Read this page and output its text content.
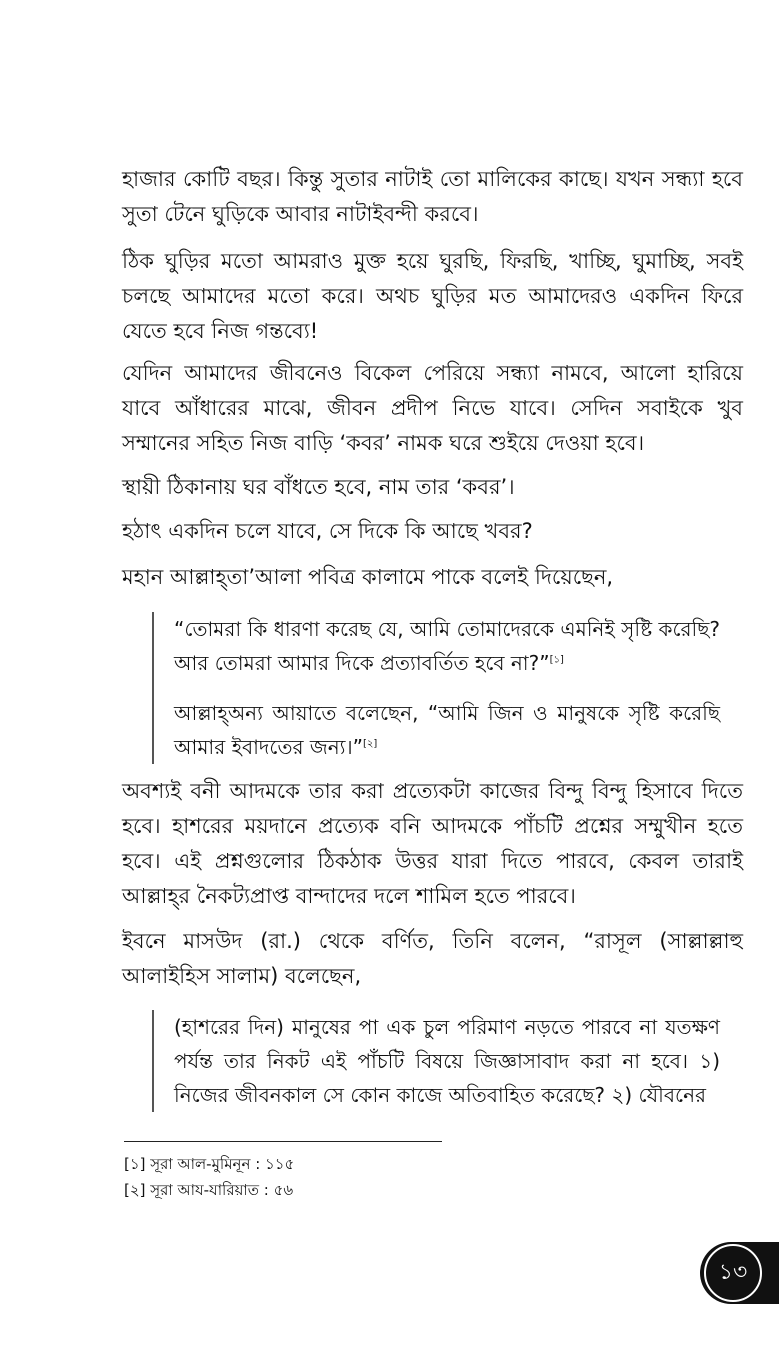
হাজার কোটি বছর। কিন্তু সুতার নাটাই তো মালিকের কাছে। যখন সন্ধ্যা হবে সুতা টেনে ঘুড়িকে আবার নাটাইবন্দী করবে।

ঠিক ঘুড়ির মতো আমরাও মুক্ত হয়ে ঘুরছি, ফিরছি, খাচ্ছি, ঘুমাচ্ছি, সবই চলছে আমাদের মতো করে। অথচ ঘুড়ির মত আমাদেরও একদিন ফিরে যেতে হবে নিজ গন্তব্যে!

যেদিন আমাদের জীবনেও বিকেল পেরিয়ে সন্ধ্যা নামবে, আলো হারিয়ে যাবে আঁধারের মাঝে, জীবন প্রদীপ নিভে যাবে। সেদিন সবাইকে খুব সম্মানের সহিত নিজ বাড়ি ‘কবর’ নামক ঘরে শুইয়ে দেওয়া হবে।

স্থায়ী ঠিকানায় ঘর বাঁধতে হবে, নাম তার ‘কবর’।

হঠাৎ একদিন চলে যাবে, সে দিকে কি আছে খবর?

মহান আল্লাহ্‌তা’আলা পবিত্র কালামে পাকে বলেই দিয়েছেন,

“তোমরা কি ধারণা করেছ যে, আমি তোমাদেরকে এমনিই সৃষ্টি করেছি? আর তোমরা আমার দিকে প্রত্যাবর্তিত হবে না?”[১]

আল্লাহ্‌অন্য আয়াতে বলেছেন, “আমি জিন ও মানুষকে সৃষ্টি করেছি আমার ইবাদতের জন্য।”[২]

অবশ্যই বনী আদমকে তার করা প্রত্যেকটা কাজের বিন্দু বিন্দু হিসাবে দিতে হবে। হাশরের ময়দানে প্রত্যেক বনি আদমকে পাঁচটি প্রশ্নের সম্মুখীন হতে হবে। এই প্রশ্নগুলোর ঠিকঠাক উত্তর যারা দিতে পারবে, কেবল তারাই আল্লাহ্‌র নৈকট্যপ্রাপ্ত বান্দাদের দলে শামিল হতে পারবে।

ইবনে মাসউদ (রা.) থেকে বর্ণিত, তিনি বলেন, “রাসূল (সাল্লাল্লাহু আলাইহিস সালাম) বলেছেন,

(হাশরের দিন) মানুষের পা এক চুল পরিমাণ নড়তে পারবে না যতক্ষণ পর্যন্ত তার নিকট এই পাঁচটি বিষয়ে জিজ্ঞাসাবাদ করা না হবে। ১) নিজের জীবনকাল সে কোন কাজে অতিবাহিত করেছে? ২) যৌবনের

[১] সূরা আল-মুমিনূন : ১১৫
[২] সূরা আয-যারিয়াত : ৫৬
১৩
